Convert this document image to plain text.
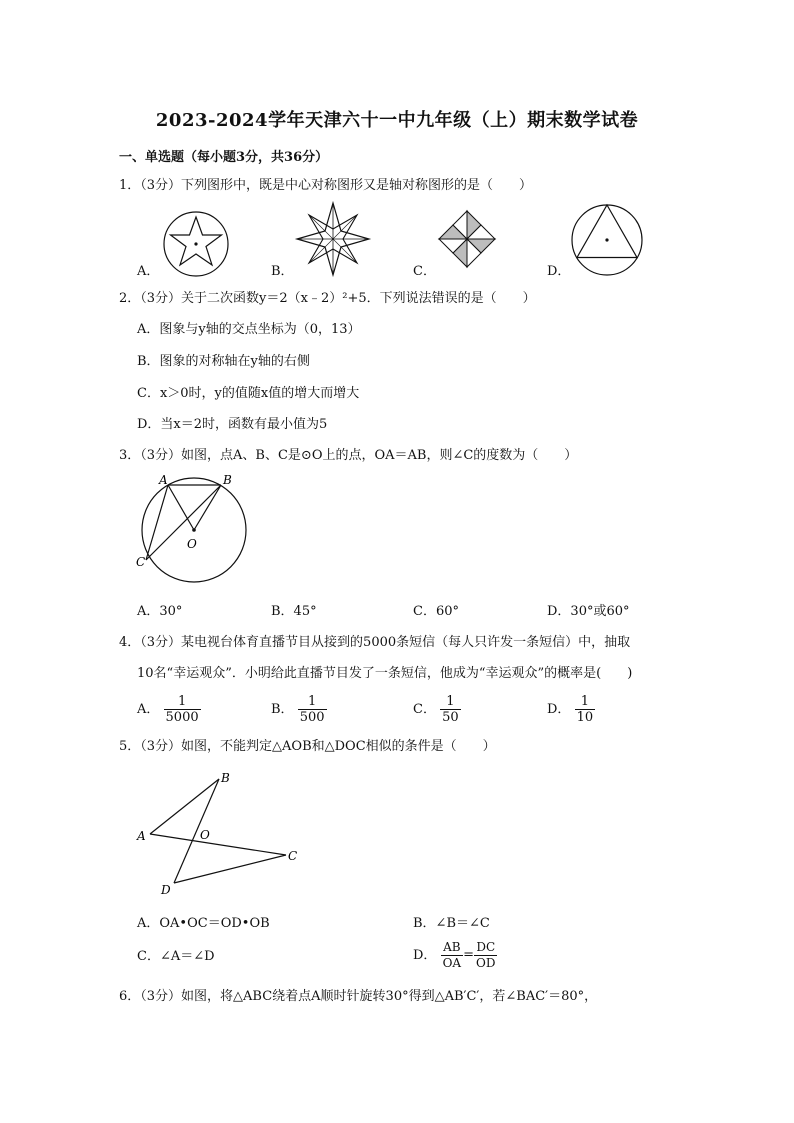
2023-2024学年天津六十一中九年级（上）期末数学试卷
一、单选题（每小题3分，共36分）
1．（3分）下列图形中，既是中心对称图形又是轴对称图形的是（　　）
A．	B．	C．	D．
2．（3分）关于二次函数y＝2（x﹣2）²+5．下列说法错误的是（　　）
A．图象与y轴的交点坐标为（0，13）
B．图象的对称轴在y轴的右侧
C．x＞0时，y的值随x值的增大而增大
D．当x＝2时，函数有最小值为5
3．（3分）如图，点A、B、C是⊙O上的点，OA＝AB，则∠C的度数为（　　）
A	B
C
O
A．30°	B．45°	C．60°	D．30°或60°
4．（3分）某电视台体育直播节目从接到的5000条短信（每人只许发一条短信）中，抽取
10名“幸运观众”．小明给此直播节目发了一条短信，他成为“幸运观众”的概率是(　　)
A． $\frac{1}{5000}$	B． $\frac{1}{500}$	C． $\frac{1}{50}$	D． $\frac{1}{10}$
5．（3分）如图，不能判定△AOB和△DOC相似的条件是（　　）
B
A	O
C
D
A．OA•OC＝OD•OB	B．∠B＝∠C
C．∠A＝∠D	D． $\frac{AB}{OA} = \frac{DC}{OD}$
6．（3分）如图，将△ABC绕着点A顺时针旋转30°得到△AB′C′，若∠BAC′＝80°，
